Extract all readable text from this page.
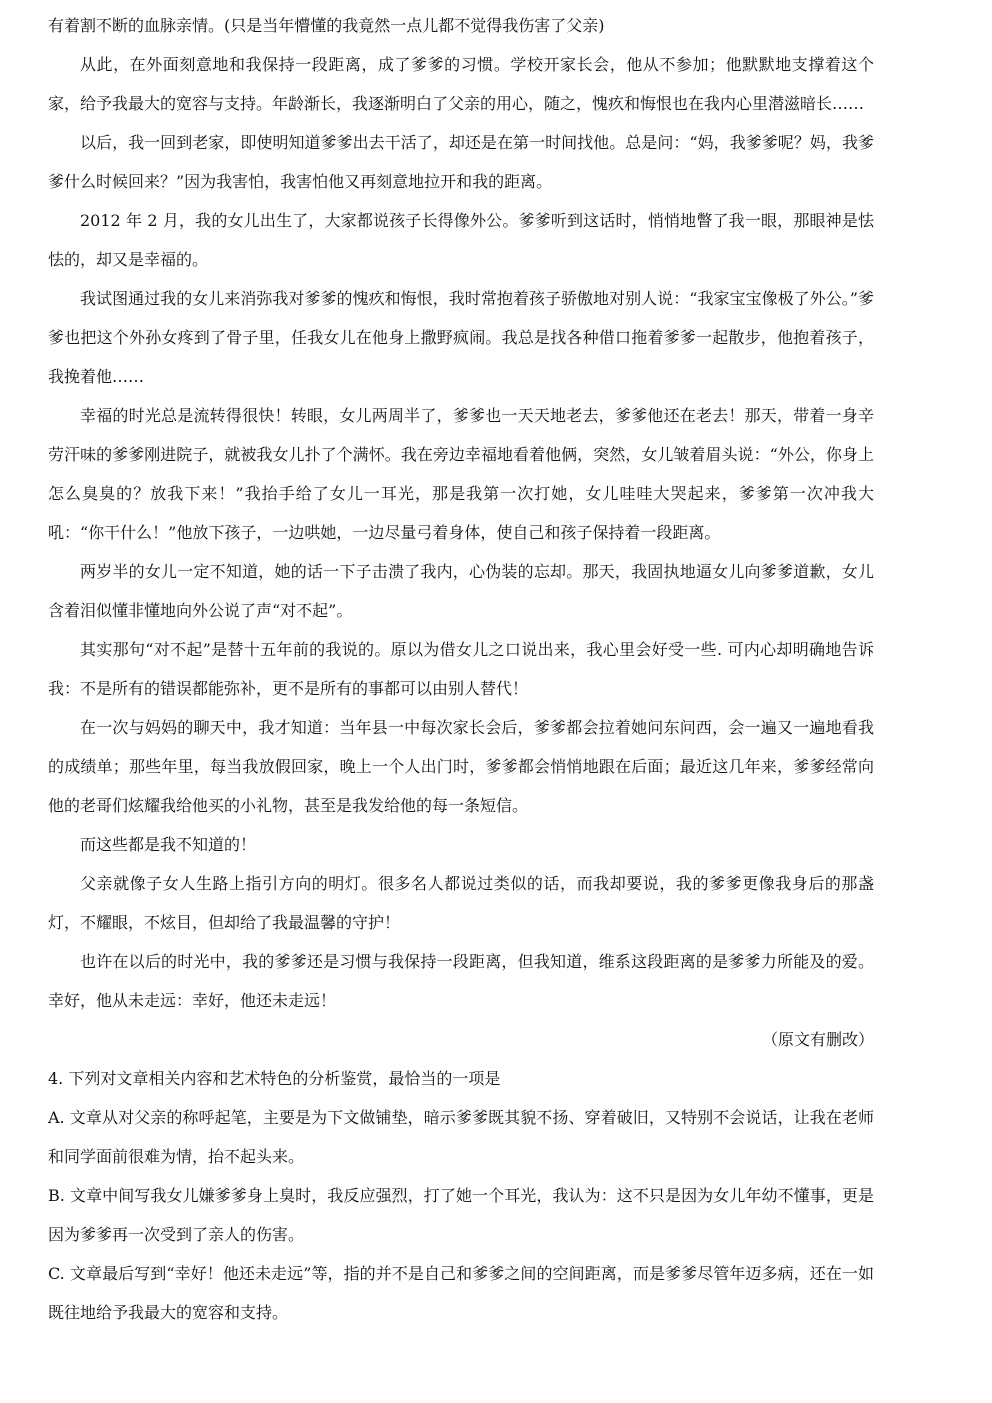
有着割不断的血脉亲情。(只是当年懵懂的我竟然一点儿都不觉得我伤害了父亲)

从此，在外面刻意地和我保持一段距离，成了爹爹的习惯。学校开家长会，他从不参加；他默默地支撑着这个家，给予我最大的宽容与支持。年龄渐长，我逐渐明白了父亲的用心，随之，愧疚和悔恨也在我内心里潜滋暗长……

以后，我一回到老家，即使明知道爹爹出去干活了，却还是在第一时间找他。总是问：“妈，我爹爹呢？妈，我爹爹什么时候回来？”因为我害怕，我害怕他又再刻意地拉开和我的距离。

2012 年 2 月，我的女儿出生了，大家都说孩子长得像外公。爹爹听到这话时，悄悄地瞥了我一眼，那眼神是怯怯的，却又是幸福的。

我试图通过我的女儿来消弥我对爹爹的愧疚和悔恨，我时常抱着孩子骄傲地对别人说：“我家宝宝像极了外公。”爹爹也把这个外孙女疼到了骨子里，任我女儿在他身上撒野疯闹。我总是找各种借口拖着爹爹一起散步，他抱着孩子，我挽着他……

幸福的时光总是流转得很快！转眼，女儿两周半了，爹爹也一天天地老去，爹爹他还在老去！那天，带着一身辛劳汗味的爹爹刚进院子，就被我女儿扑了个满怀。我在旁边幸福地看着他俩，突然，女儿皱着眉头说：“外公，你身上怎么臭臭的？放我下来！”我抬手给了女儿一耳光，那是我第一次打她，女儿哇哇大哭起来，爹爹第一次冲我大吼：“你干什么！”他放下孩子，一边哄她，一边尽量弓着身体，使自己和孩子保持着一段距离。

两岁半的女儿一定不知道，她的话一下子击溃了我内，心伪装的忘却。那天，我固执地逼女儿向爹爹道歉，女儿含着泪似懂非懂地向外公说了声“对不起”。

其实那句“对不起”是替十五年前的我说的。原以为借女儿之口说出来，我心里会好受一些. 可内心却明确地告诉我：不是所有的错误都能弥补，更不是所有的事都可以由别人替代！

在一次与妈妈的聊天中，我才知道：当年县一中每次家长会后，爹爹都会拉着她问东问西，会一遍又一遍地看我的成绩单；那些年里，每当我放假回家，晚上一个人出门时，爹爹都会悄悄地跟在后面；最近这几年来，爹爹经常向他的老哥们炫耀我给他买的小礼物，甚至是我发给他的每一条短信。

而这些都是我不知道的！

父亲就像子女人生路上指引方向的明灯。很多名人都说过类似的话，而我却要说，我的爹爹更像我身后的那盏灯，不耀眼，不炫目，但却给了我最温馨的守护！

也许在以后的时光中，我的爹爹还是习惯与我保持一段距离，但我知道，维系这段距离的是爹爹力所能及的爱。幸好，他从未走远：幸好，他还未走远！

（原文有删改）

4. 下列对文章相关内容和艺术特色的分析鉴赏，最恰当的一项是

A. 文章从对父亲的称呼起笔，主要是为下文做铺垫，暗示爹爹既其貌不扬、穿着破旧，又特别不会说话，让我在老师和同学面前很难为情，抬不起头来。

B. 文章中间写我女儿嫌爹爹身上臭时，我反应强烈，打了她一个耳光，我认为：这不只是因为女儿年幼不懂事，更是因为爹爹再一次受到了亲人的伤害。

C. 文章最后写到“幸好！他还未走远”等，指的并不是自己和爹爹之间的空间距离，而是爹爹尽管年迈多病，还在一如既往地给予我最大的宽容和支持。
